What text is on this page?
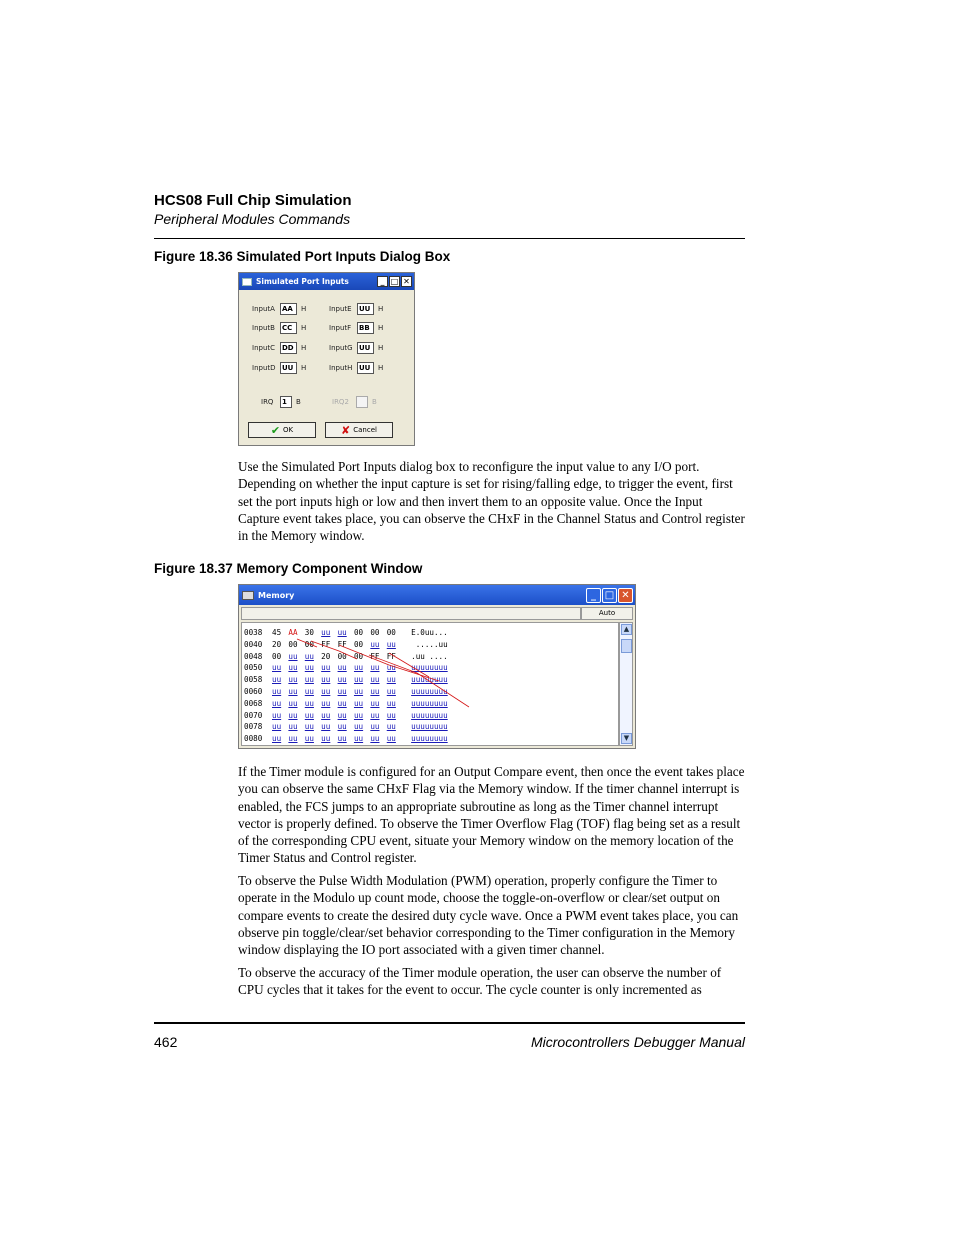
HCS08 Full Chip Simulation
Peripheral Modules Commands
Figure 18.36 Simulated Port Inputs Dialog Box
Simulated Port Inputs	_ □ ✕
InputA	AA	H
InputB	CC	H
InputC DD	H
InputD UU	H
InputE	UU	H
InputF	BB	H
InputG UU	H
InputH UU	H
IRQ	1	B	IRQ2	B
✔ OK	✘ Cancel
Use the Simulated Port Inputs dialog box to reconfigure the input value to any I/O port. Depending on whether the input capture is set for rising/falling edge, to trigger the event, first set the port inputs high or low and then invert them to an opposite value. Once the Input Capture event takes place, you can observe the CHxF in the Channel Status and Control register in the Memory window.
Figure 18.37 Memory Component Window
Memory	_ □ ✕
Auto
0038 45 AA 30 uu uu 00 00 00 E.0uu...
0040 20 00 00 FF FF 00 uu uu .....uu
0048 00 uu uu 20 00 00 FF FF .uu ....
0050 uu uu uu uu uu uu uu uu uuuuuuuu
0058 uu uu uu uu uu uu uu uu uuuuuuuu
0060 uu uu uu uu uu uu uu uu uuuuuuuu
0068 uu uu uu uu uu uu uu uu uuuuuuuu
0070 uu uu uu uu uu uu uu uu uuuuuuuu
0078 uu uu uu uu uu uu uu uu uuuuuuuu
0080 uu uu uu uu uu uu uu uu uuuuuuuu
▲
▼
If the Timer module is configured for an Output Compare event, then once the event takes place you can observe the same CHxF Flag via the Memory window. If the timer channel interrupt is enabled, the FCS jumps to an appropriate subroutine as long as the Timer channel interrupt vector is properly defined. To observe the Timer Overflow Flag (TOF) flag being set as a result of the corresponding CPU event, situate your Memory window on the memory location of the Timer Status and Control register.
To observe the Pulse Width Modulation (PWM) operation, properly configure the Timer to operate in the Modulo up count mode, choose the toggle-on-overflow or clear/set output on compare events to create the desired duty cycle wave. Once a PWM event takes place, you can observe pin toggle/clear/set behavior corresponding to the Timer configuration in the Memory window displaying the IO port associated with a given timer channel.
To observe the accuracy of the Timer module operation, the user can observe the number of CPU cycles that it takes for the event to occur. The cycle counter is only incremented as
462	Microcontrollers Debugger Manual
